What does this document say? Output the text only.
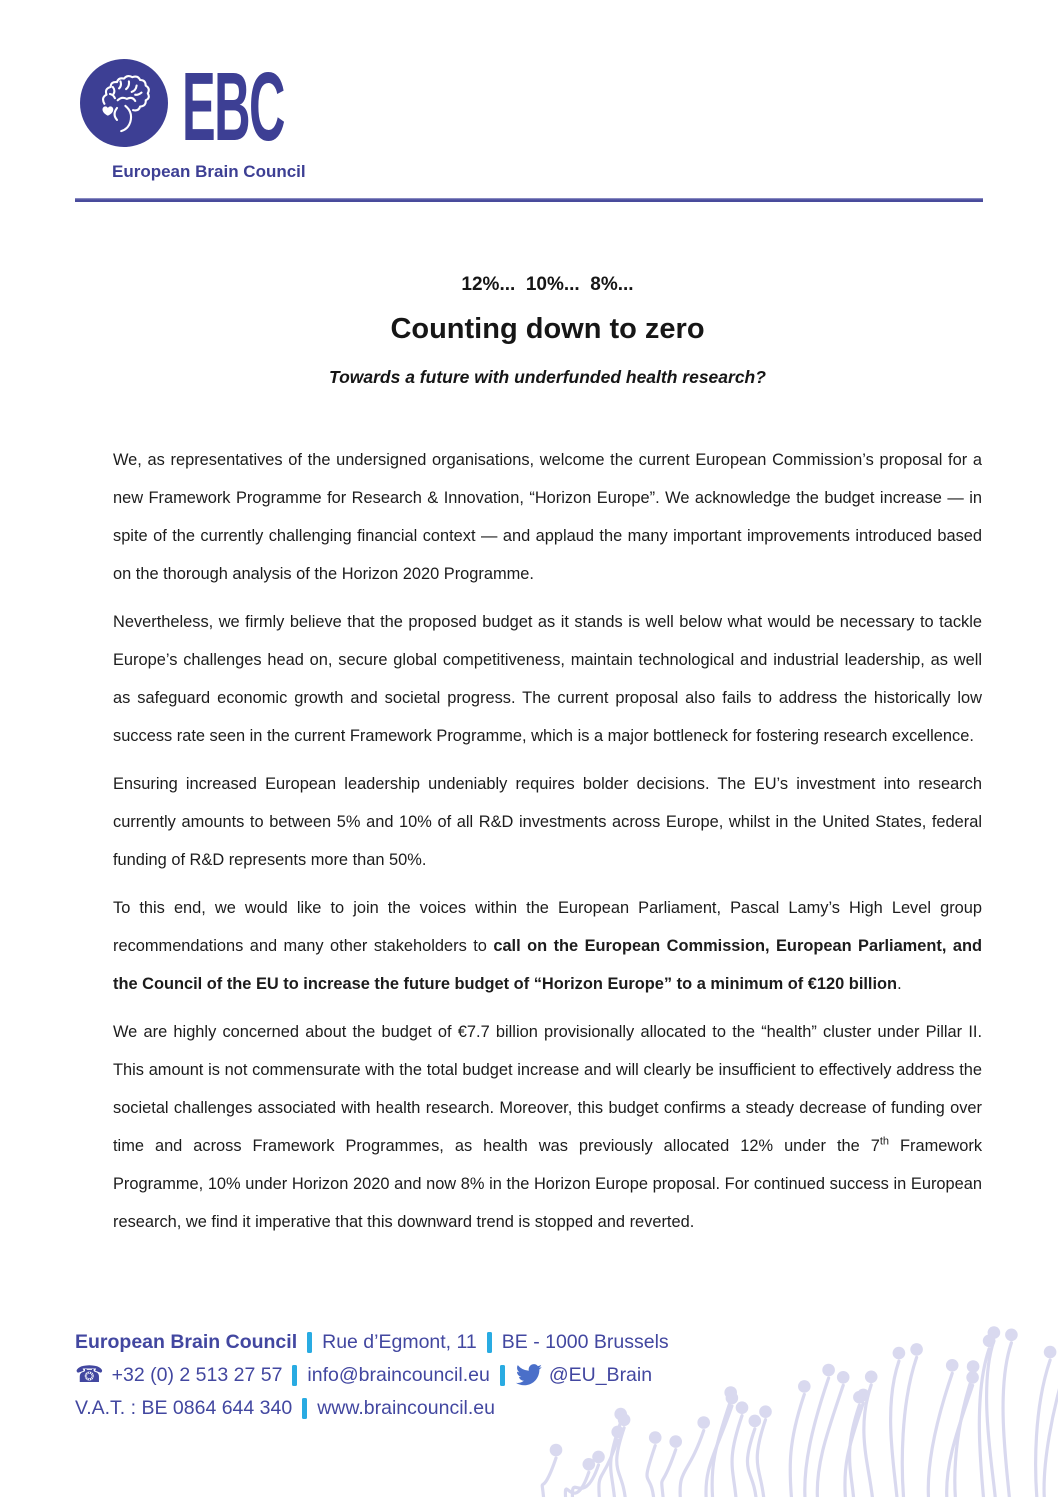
EBC
European Brain Council
12%...  10%...  8%...
Counting down to zero
Towards a future with underfunded health research?

We, as representatives of the undersigned organisations, welcome the current European Commission’s proposal for a new Framework Programme for Research & Innovation, “Horizon Europe”. We acknowledge the budget increase — in spite of the currently challenging financial context — and applaud the many important improvements introduced based on the thorough analysis of the Horizon 2020 Programme.

Nevertheless, we firmly believe that the proposed budget as it stands is well below what would be necessary to tackle Europe’s challenges head on, secure global competitiveness, maintain technological and industrial leadership, as well as safeguard economic growth and societal progress. The current proposal also fails to address the historically low success rate seen in the current Framework Programme, which is a major bottleneck for fostering research excellence.

Ensuring increased European leadership undeniably requires bolder decisions. The EU’s investment into research currently amounts to between 5% and 10% of all R&D investments across Europe, whilst in the United States, federal funding of R&D represents more than 50%.

To this end, we would like to join the voices within the European Parliament, Pascal Lamy’s High Level group recommendations and many other stakeholders to call on the European Commission, European Parliament, and the Council of the EU to increase the future budget of “Horizon Europe” to a minimum of €120 billion.

We are highly concerned about the budget of €7.7 billion provisionally allocated to the “health” cluster under Pillar II. This amount is not commensurate with the total budget increase and will clearly be insufficient to effectively address the societal challenges associated with health research. Moreover, this budget confirms a steady decrease of funding over time and across Framework Programmes, as health was previously allocated 12% under the 7th Framework Programme, 10% under Horizon 2020 and now 8% in the Horizon Europe proposal. For continued success in European research, we find it imperative that this downward trend is stopped and reverted.

European Brain Council Rue d’Egmont, 11 BE - 1000 Brussels
☎ +32 (0) 2 513 27 57 info@braincouncil.eu	@EU_Brain
V.A.T. : BE 0864 644 340 www.braincouncil.eu
